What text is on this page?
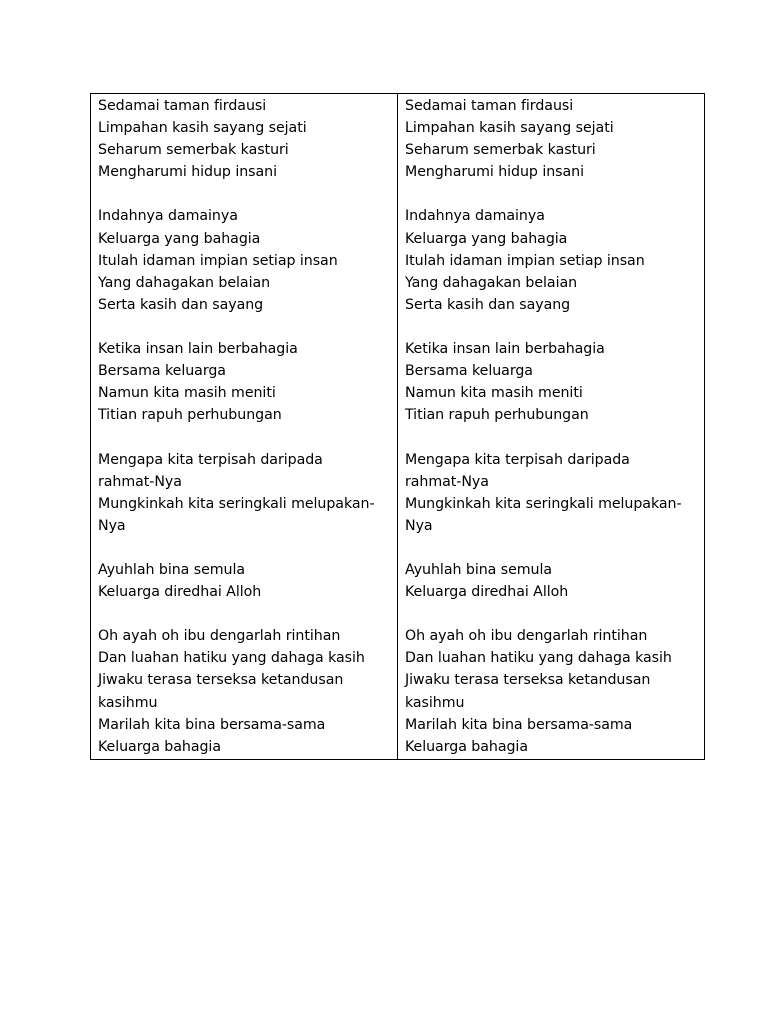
Sedamai taman firdausi
Limpahan kasih sayang sejati
Seharum semerbak kasturi
Mengharumi hidup insani
Indahnya damainya
Keluarga yang bahagia
Itulah idaman impian setiap insan
Yang dahagakan belaian
Serta kasih dan sayang
Ketika insan lain berbahagia
Bersama keluarga
Namun kita masih meniti
Titian rapuh perhubungan
Mengapa kita terpisah daripada
rahmat-Nya
Mungkinkah kita seringkali melupakan-
Nya
Ayuhlah bina semula
Keluarga diredhai Alloh
Oh ayah oh ibu dengarlah rintihan
Dan luahan hatiku yang dahaga kasih
Jiwaku terasa terseksa ketandusan
kasihmu
Marilah kita bina bersama-sama
Keluarga bahagia

Sedamai taman firdausi
Limpahan kasih sayang sejati
Seharum semerbak kasturi
Mengharumi hidup insani
Indahnya damainya
Keluarga yang bahagia
Itulah idaman impian setiap insan
Yang dahagakan belaian
Serta kasih dan sayang
Ketika insan lain berbahagia
Bersama keluarga
Namun kita masih meniti
Titian rapuh perhubungan
Mengapa kita terpisah daripada
rahmat-Nya
Mungkinkah kita seringkali melupakan-
Nya
Ayuhlah bina semula
Keluarga diredhai Alloh
Oh ayah oh ibu dengarlah rintihan
Dan luahan hatiku yang dahaga kasih
Jiwaku terasa terseksa ketandusan
kasihmu
Marilah kita bina bersama-sama
Keluarga bahagia
